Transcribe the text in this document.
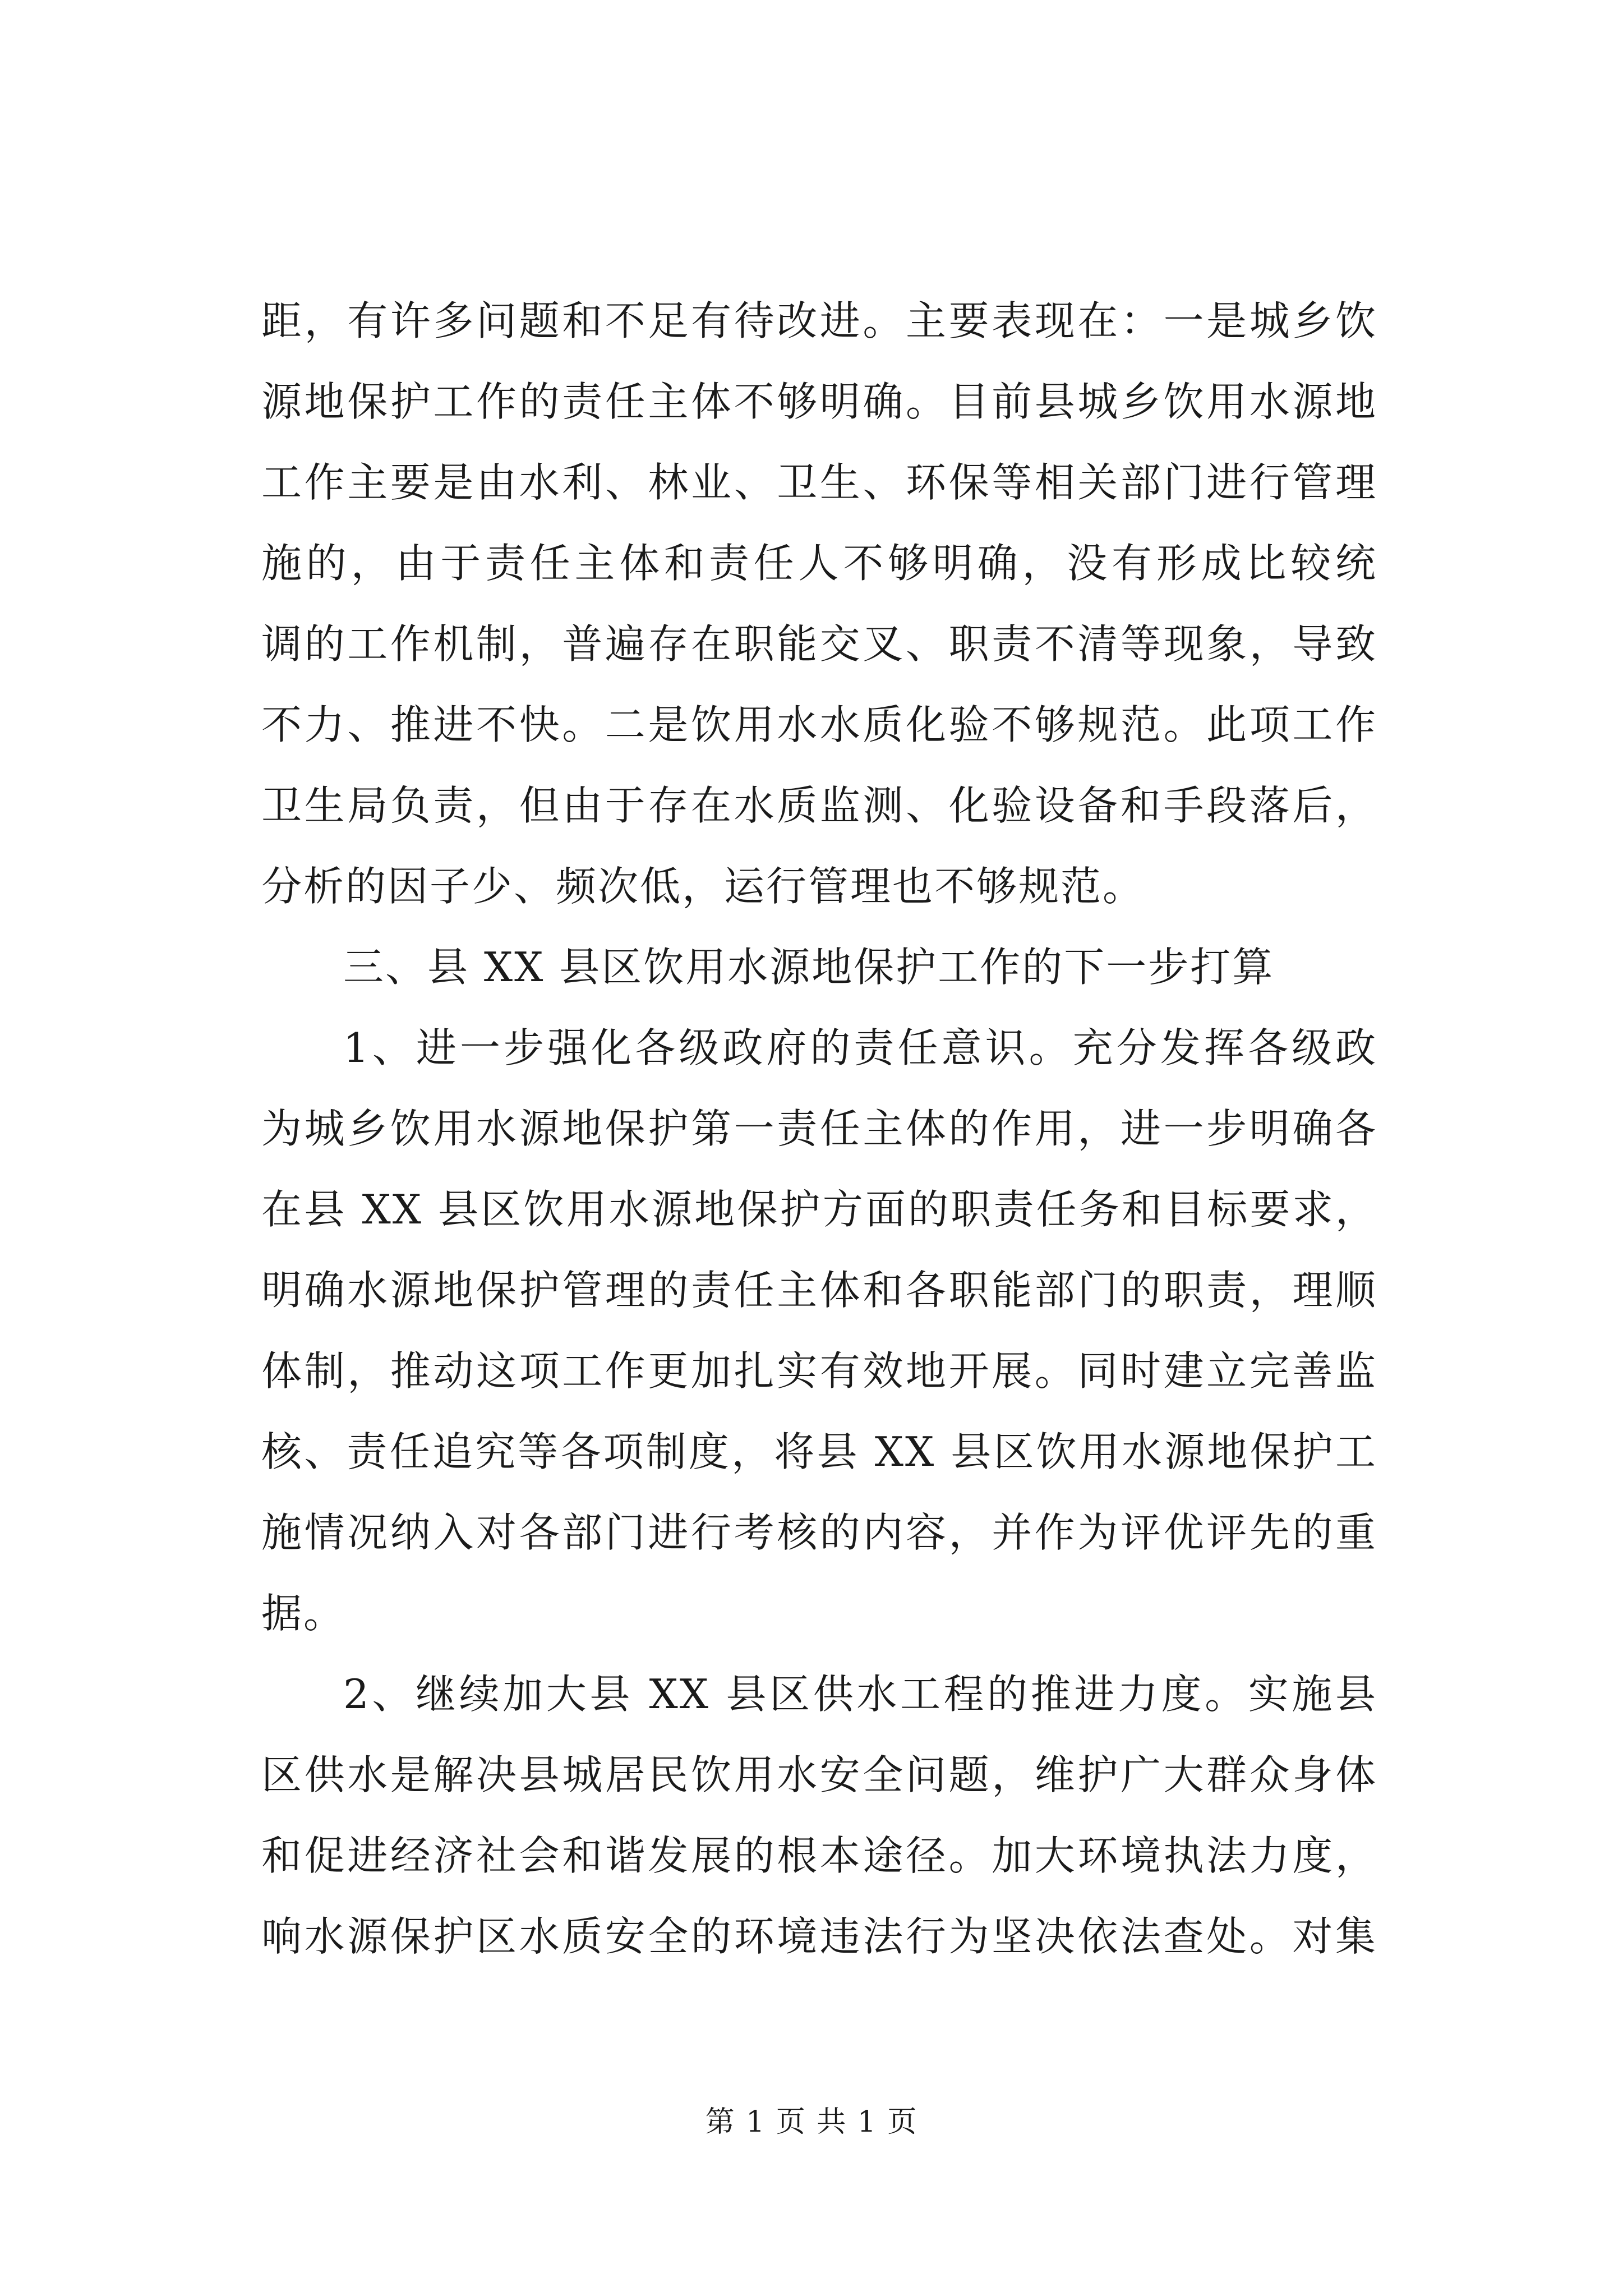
距，有许多问题和不足有待改进。主要表现在：一是城乡饮
源地保护工作的责任主体不够明确。目前县城乡饮用水源地
工作主要是由水利、林业、卫生、环保等相关部门进行管理
施的，由于责任主体和责任人不够明确，没有形成比较统
调的工作机制，普遍存在职能交叉、职责不清等现象，导致
不力、推进不快。二是饮用水水质化验不够规范。此项工作
卫生局负责，但由于存在水质监测、化验设备和手段落后，
分析的因子少、频次低，运行管理也不够规范。
三、县 XX 县区饮用水源地保护工作的下一步打算
1、进一步强化各级政府的责任意识。充分发挥各级政
为城乡饮用水源地保护第一责任主体的作用，进一步明确各
在县 XX 县区饮用水源地保护方面的职责任务和目标要求，
明确水源地保护管理的责任主体和各职能部门的职责，理顺
体制，推动这项工作更加扎实有效地开展。同时建立完善监
核、责任追究等各项制度，将县 XX 县区饮用水源地保护工
施情况纳入对各部门进行考核的内容，并作为评优评先的重
据。
2、继续加大县 XX 县区供水工程的推进力度。实施县
区供水是解决县城居民饮用水安全问题，维护广大群众身体
和促进经济社会和谐发展的根本途径。加大环境执法力度，
响水源保护区水质安全的环境违法行为坚决依法查处。对集
第 1 页 共 1 页
